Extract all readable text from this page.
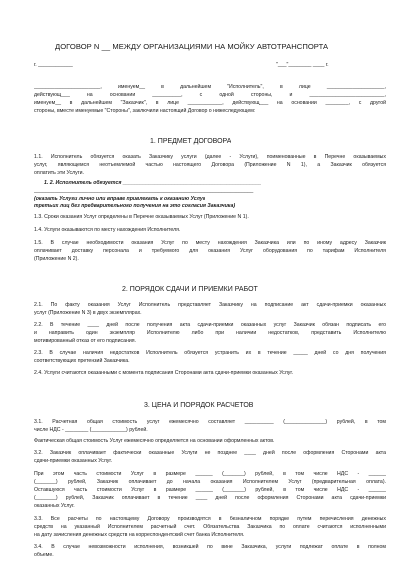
ДОГОВОР N __ МЕЖДУ ОРГАНИЗАЦИЯМИ НА МОЙКУ АВТОТРАНСПОРТА
г. ____________	"___"________ ____ г.
_______________________, именуем__ в дальнейшем "Исполнитель", в лице ____________________,
действующ___ на основании __________, с одной стороны, и __________________________,
именуем__ в дальнейшем "Заказчик", в лице ____________, действующ___ на основании ________, с другой
стороны, вместе именуемые "Стороны", заключили настоящий Договор о нижеследующем:
1. ПРЕДМЕТ ДОГОВОРА
1.1. Исполнитель обязуется оказать Заказчику услуги (далее - Услуги), поименованные в Перечне оказываемых
услуг, являющемся неотъемлемой частью настоящего Договора (Приложение N 1), а Заказчик обязуется
оплатить эти Услуги.
1. 2. Исполнитель обязуется ________________________________________________
____________________________________________________________________________
(оказать Услуги лично или вправе привлекать к оказанию Услуг
третьих лиц без предварительного получения на это согласия Заказчика)
1.3. Сроки оказания Услуг определены в Перечне оказываемых Услуг (Приложение N 1).
1.4. Услуги оказываются по месту нахождения Исполнителя.
1.5. В случае необходимости оказания Услуг по месту нахождения Заказчика или по иному адресу Заказчик
оплачивает доставку персонала и требуемого для оказания Услуг оборудования по тарифам Исполнителя
(Приложение N 2).
2. ПОРЯДОК СДАЧИ И ПРИЕМКИ РАБОТ
2.1. По факту оказания Услуг Исполнитель представляет Заказчику на подписание акт сдачи-приемки оказанных
услуг (Приложение N 3) в двух экземплярах.
2.2. В течение ____ дней после получения акта сдачи-приемки оказанных услуг Заказчик обязан подписать его
и направить один экземпляр Исполнителю либо при наличии недостатков, представить Исполнителю
мотивированный отказ от его подписания.
2.3. В случае наличия недостатков Исполнитель обязуется устранить их в течение _____ дней со дня получения
соответствующих претензий Заказчика.
2.4. Услуги считаются оказанными с момента подписания Сторонами акта сдачи-приемки оказанных Услуг.
3. ЦЕНА И ПОРЯДОК РАСЧЕТОВ
3.1. Расчетная общая стоимость услуг ежемесячно составляет __________ (______________) рублей, в том
числе НДС - ________ (____________) рублей.
Фактическая общая стоимость Услуг ежемесячно определяется на основании оформленных актов.
3.2. Заказчик оплачивает фактически оказанные Услуги не позднее ____ дней после оформления Сторонами акта
сдачи-приемки оказанных Услуг.
При этом часть стоимости Услуг в размере ______ (_______) рублей, в том числе НДС - ______
(_______) рублей, Заказчик оплачивает до начала оказания Исполнителем Услуг (предварительная оплата).
Оставшуюся часть стоимости Услуг в размере ______ (_______) рублей, в том числе НДС - ______
(_______) рублей, Заказчик оплачивает в течение ____ дней после оформления Сторонами акта сдачи-приемки
оказанных Услуг.
3.3. Все расчеты по настоящему Договору производятся в безналичном порядке путем перечисления денежных
средств на указанный Исполнителем расчетный счет. Обязательства Заказчика по оплате считаются исполненными
на дату зачисления денежных средств на корреспондентский счет банка Исполнителя.
3.4. В случае невозможности исполнения, возникшей по вине Заказчика, услуги подлежат оплате в полном
объеме.
